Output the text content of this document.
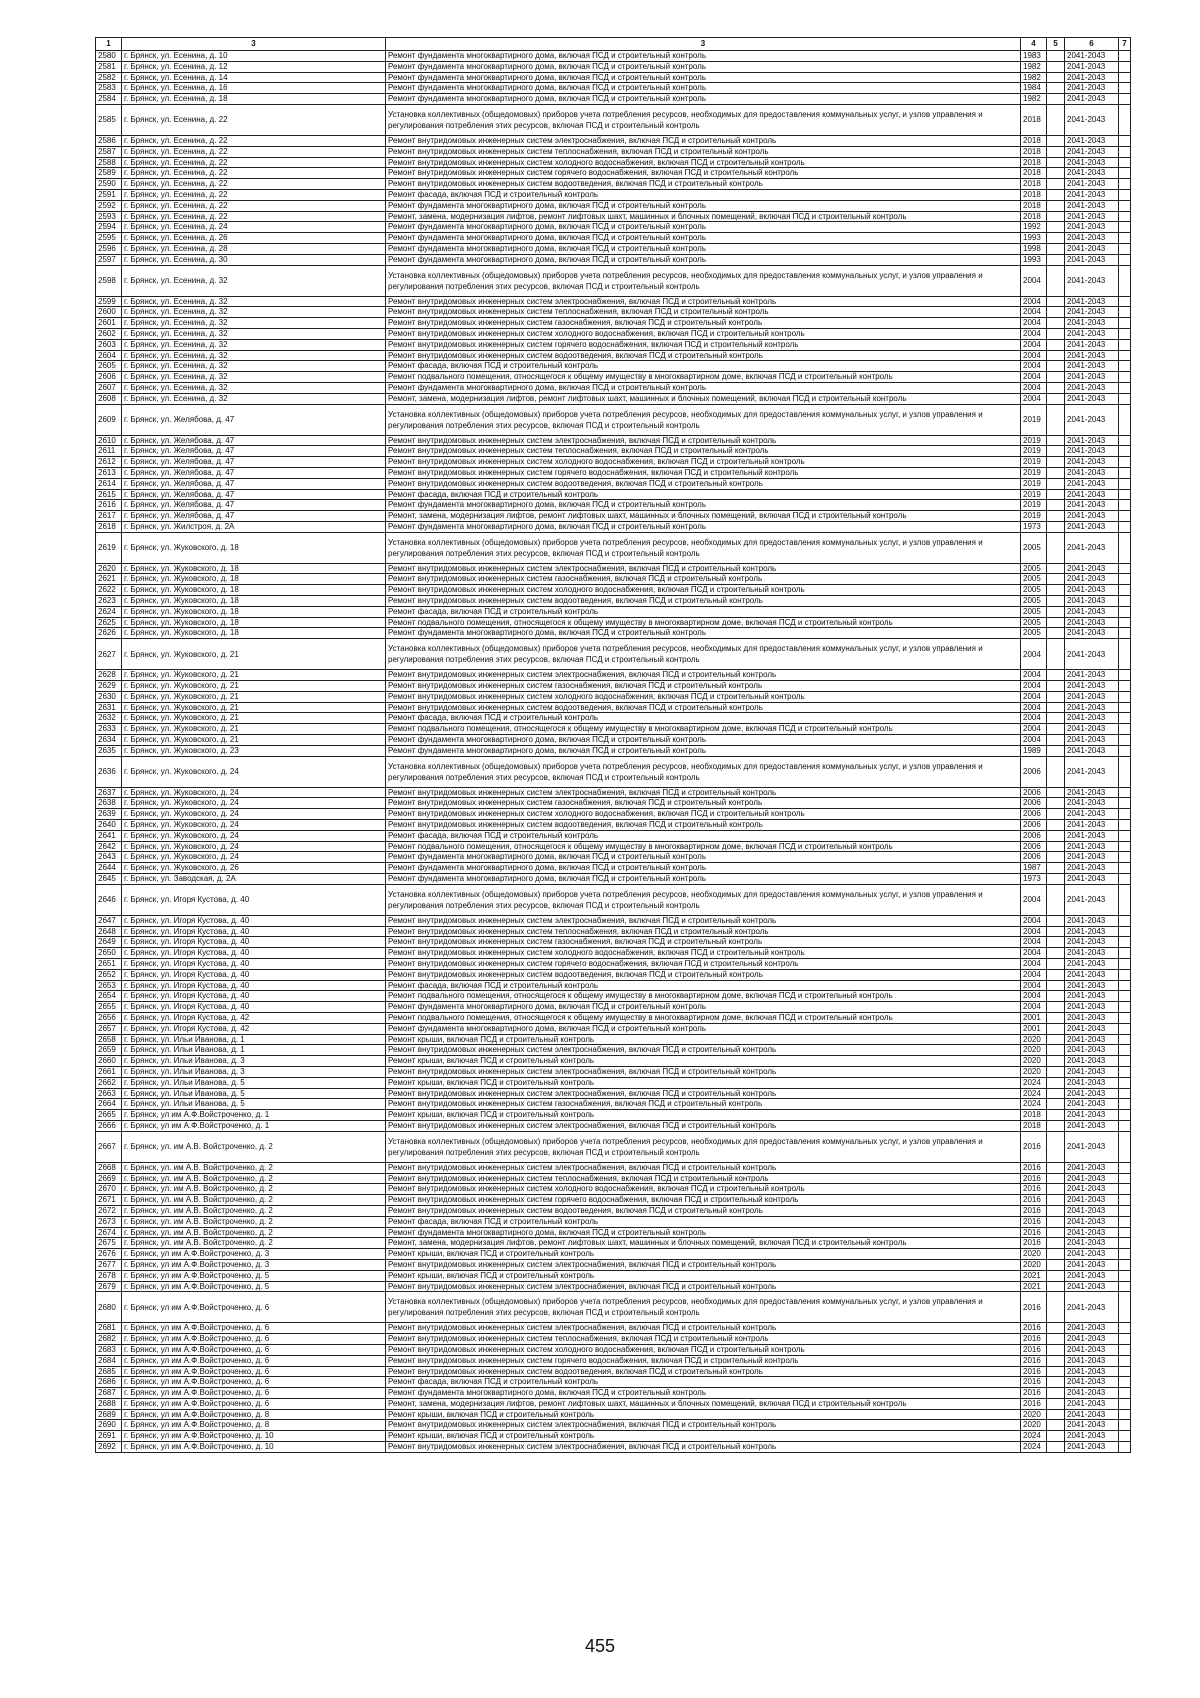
1	3	3	4	5	6	7
2580	г. Брянск, ул. Есенина, д. 10	Ремонт фундамента многоквартирного дома, включая ПСД и строительный контроль	1983		2041-2043	
2581	г. Брянск, ул. Есенина, д. 12	Ремонт фундамента многоквартирного дома, включая ПСД и строительный контроль	1982		2041-2043	
2582	г. Брянск, ул. Есенина, д. 14	Ремонт фундамента многоквартирного дома, включая ПСД и строительный контроль	1982		2041-2043	
2583	г. Брянск, ул. Есенина, д. 16	Ремонт фундамента многоквартирного дома, включая ПСД и строительный контроль	1984		2041-2043	
2584	г. Брянск, ул. Есенина, д. 18	Ремонт фундамента многоквартирного дома, включая ПСД и строительный контроль	1982		2041-2043	
2585	г. Брянск, ул. Есенина, д. 22	Установка коллективных (общедомовых) приборов учета потребления ресурсов, необходимых для предоставления коммунальных услуг, и узлов управления и регулирования потребления этих ресурсов, включая ПСД и строительный контроль	2018		2041-2043	
2586	г. Брянск, ул. Есенина, д. 22	Ремонт внутридомовых инженерных систем электроснабжения, включая ПСД и строительный контроль	2018		2041-2043	
2587	г. Брянск, ул. Есенина, д. 22	Ремонт внутридомовых инженерных систем теплоснабжения, включая ПСД и строительный контроль	2018		2041-2043	
2588	г. Брянск, ул. Есенина, д. 22	Ремонт внутридомовых инженерных систем холодного водоснабжения, включая ПСД и строительный контроль	2018		2041-2043	
2589	г. Брянск, ул. Есенина, д. 22	Ремонт внутридомовых инженерных систем горячего водоснабжения, включая ПСД и строительный контроль	2018		2041-2043	
2590	г. Брянск, ул. Есенина, д. 22	Ремонт внутридомовых инженерных систем водоотведения, включая ПСД и строительный контроль	2018		2041-2043	
2591	г. Брянск, ул. Есенина, д. 22	Ремонт фасада, включая ПСД и строительный контроль	2018		2041-2043	
2592	г. Брянск, ул. Есенина, д. 22	Ремонт фундамента многоквартирного дома, включая ПСД и строительный контроль	2018		2041-2043	
2593	г. Брянск, ул. Есенина, д. 22	Ремонт, замена, модернизация лифтов, ремонт лифтовых шахт, машинных и блочных помещений, включая ПСД и строительный контроль	2018		2041-2043	
2594	г. Брянск, ул. Есенина, д. 24	Ремонт фундамента многоквартирного дома, включая ПСД и строительный контроль	1992		2041-2043	
2595	г. Брянск, ул. Есенина, д. 26	Ремонт фундамента многоквартирного дома, включая ПСД и строительный контроль	1993		2041-2043	
2596	г. Брянск, ул. Есенина, д. 28	Ремонт фундамента многоквартирного дома, включая ПСД и строительный контроль	1998		2041-2043	
2597	г. Брянск, ул. Есенина, д. 30	Ремонт фундамента многоквартирного дома, включая ПСД и строительный контроль	1993		2041-2043	
2598	г. Брянск, ул. Есенина, д. 32	Установка коллективных (общедомовых) приборов учета потребления ресурсов, необходимых для предоставления коммунальных услуг, и узлов управления и регулирования потребления этих ресурсов, включая ПСД и строительный контроль	2004		2041-2043	
2599	г. Брянск, ул. Есенина, д. 32	Ремонт внутридомовых инженерных систем электроснабжения, включая ПСД и строительный контроль	2004		2041-2043	
2600	г. Брянск, ул. Есенина, д. 32	Ремонт внутридомовых инженерных систем теплоснабжения, включая ПСД и строительный контроль	2004		2041-2043	
2601	г. Брянск, ул. Есенина, д. 32	Ремонт внутридомовых инженерных систем газоснабжения, включая ПСД и строительный контроль	2004		2041-2043	
2602	г. Брянск, ул. Есенина, д. 32	Ремонт внутридомовых инженерных систем холодного водоснабжения, включая ПСД и строительный контроль	2004		2041-2043	
2603	г. Брянск, ул. Есенина, д. 32	Ремонт внутридомовых инженерных систем горячего водоснабжения, включая ПСД и строительный контроль	2004		2041-2043	
2604	г. Брянск, ул. Есенина, д. 32	Ремонт внутридомовых инженерных систем водоотведения, включая ПСД и строительный контроль	2004		2041-2043	
2605	г. Брянск, ул. Есенина, д. 32	Ремонт фасада, включая ПСД и строительный контроль	2004		2041-2043	
2606	г. Брянск, ул. Есенина, д. 32	Ремонт подвального помещения, относящегося к общему имуществу в многоквартирном доме, включая ПСД и строительный контроль	2004		2041-2043	
2607	г. Брянск, ул. Есенина, д. 32	Ремонт фундамента многоквартирного дома, включая ПСД и строительный контроль	2004		2041-2043	
2608	г. Брянск, ул. Есенина, д. 32	Ремонт, замена, модернизация лифтов, ремонт лифтовых шахт, машинных и блочных помещений, включая ПСД и строительный контроль	2004		2041-2043	
2609	г. Брянск, ул. Желябова, д. 47	Установка коллективных (общедомовых) приборов учета потребления ресурсов, необходимых для предоставления коммунальных услуг, и узлов управления и регулирования потребления этих ресурсов, включая ПСД и строительный контроль	2019		2041-2043	
2610	г. Брянск, ул. Желябова, д. 47	Ремонт внутридомовых инженерных систем электроснабжения, включая ПСД и строительный контроль	2019		2041-2043	
2611	г. Брянск, ул. Желябова, д. 47	Ремонт внутридомовых инженерных систем теплоснабжения, включая ПСД и строительный контроль	2019		2041-2043	
2612	г. Брянск, ул. Желябова, д. 47	Ремонт внутридомовых инженерных систем холодного водоснабжения, включая ПСД и строительный контроль	2019		2041-2043	
2613	г. Брянск, ул. Желябова, д. 47	Ремонт внутридомовых инженерных систем горячего водоснабжения, включая ПСД и строительный контроль	2019		2041-2043	
2614	г. Брянск, ул. Желябова, д. 47	Ремонт внутридомовых инженерных систем водоотведения, включая ПСД и строительный контроль	2019		2041-2043	
2615	г. Брянск, ул. Желябова, д. 47	Ремонт фасада, включая ПСД и строительный контроль	2019		2041-2043	
2616	г. Брянск, ул. Желябова, д. 47	Ремонт фундамента многоквартирного дома, включая ПСД и строительный контроль	2019		2041-2043	
2617	г. Брянск, ул. Желябова, д. 47	Ремонт, замена, модернизация лифтов, ремонт лифтовых шахт, машинных и блочных помещений, включая ПСД и строительный контроль	2019		2041-2043	
2618	г. Брянск, ул. Жилстроя, д. 2А	Ремонт фундамента многоквартирного дома, включая ПСД и строительный контроль	1973		2041-2043	
2619	г. Брянск, ул. Жуковского, д. 18	Установка коллективных (общедомовых) приборов учета потребления ресурсов, необходимых для предоставления коммунальных услуг, и узлов управления и регулирования потребления этих ресурсов, включая ПСД и строительный контроль	2005		2041-2043	
2620	г. Брянск, ул. Жуковского, д. 18	Ремонт внутридомовых инженерных систем электроснабжения, включая ПСД и строительный контроль	2005		2041-2043	
2621	г. Брянск, ул. Жуковского, д. 18	Ремонт внутридомовых инженерных систем газоснабжения, включая ПСД и строительный контроль	2005		2041-2043	
2622	г. Брянск, ул. Жуковского, д. 18	Ремонт внутридомовых инженерных систем холодного водоснабжения, включая ПСД и строительный контроль	2005		2041-2043	
2623	г. Брянск, ул. Жуковского, д. 18	Ремонт внутридомовых инженерных систем водоотведения, включая ПСД и строительный контроль	2005		2041-2043	
2624	г. Брянск, ул. Жуковского, д. 18	Ремонт фасада, включая ПСД и строительный контроль	2005		2041-2043	
2625	г. Брянск, ул. Жуковского, д. 18	Ремонт подвального помещения, относящегося к общему имуществу в многоквартирном доме, включая ПСД и строительный контроль	2005		2041-2043	
2626	г. Брянск, ул. Жуковского, д. 18	Ремонт фундамента многоквартирного дома, включая ПСД и строительный контроль	2005		2041-2043	
2627	г. Брянск, ул. Жуковского, д. 21	Установка коллективных (общедомовых) приборов учета потребления ресурсов, необходимых для предоставления коммунальных услуг, и узлов управления и регулирования потребления этих ресурсов, включая ПСД и строительный контроль	2004		2041-2043	
2628	г. Брянск, ул. Жуковского, д. 21	Ремонт внутридомовых инженерных систем электроснабжения, включая ПСД и строительный контроль	2004		2041-2043	
2629	г. Брянск, ул. Жуковского, д. 21	Ремонт внутридомовых инженерных систем газоснабжения, включая ПСД и строительный контроль	2004		2041-2043	
2630	г. Брянск, ул. Жуковского, д. 21	Ремонт внутридомовых инженерных систем холодного водоснабжения, включая ПСД и строительный контроль	2004		2041-2043	
2631	г. Брянск, ул. Жуковского, д. 21	Ремонт внутридомовых инженерных систем водоотведения, включая ПСД и строительный контроль	2004		2041-2043	
2632	г. Брянск, ул. Жуковского, д. 21	Ремонт фасада, включая ПСД и строительный контроль	2004		2041-2043	
2633	г. Брянск, ул. Жуковского, д. 21	Ремонт подвального помещения, относящегося к общему имуществу в многоквартирном доме, включая ПСД и строительный контроль	2004		2041-2043	
2634	г. Брянск, ул. Жуковского, д. 21	Ремонт фундамента многоквартирного дома, включая ПСД и строительный контроль	2004		2041-2043	
2635	г. Брянск, ул. Жуковского, д. 23	Ремонт фундамента многоквартирного дома, включая ПСД и строительный контроль	1989		2041-2043	
2636	г. Брянск, ул. Жуковского, д. 24	Установка коллективных (общедомовых) приборов учета потребления ресурсов, необходимых для предоставления коммунальных услуг, и узлов управления и регулирования потребления этих ресурсов, включая ПСД и строительный контроль	2006		2041-2043	
2637	г. Брянск, ул. Жуковского, д. 24	Ремонт внутридомовых инженерных систем электроснабжения, включая ПСД и строительный контроль	2006		2041-2043	
2638	г. Брянск, ул. Жуковского, д. 24	Ремонт внутридомовых инженерных систем газоснабжения, включая ПСД и строительный контроль	2006		2041-2043	
2639	г. Брянск, ул. Жуковского, д. 24	Ремонт внутридомовых инженерных систем холодного водоснабжения, включая ПСД и строительный контроль	2006		2041-2043	
2640	г. Брянск, ул. Жуковского, д. 24	Ремонт внутридомовых инженерных систем водоотведения, включая ПСД и строительный контроль	2006		2041-2043	
2641	г. Брянск, ул. Жуковского, д. 24	Ремонт фасада, включая ПСД и строительный контроль	2006		2041-2043	
2642	г. Брянск, ул. Жуковского, д. 24	Ремонт подвального помещения, относящегося к общему имуществу в многоквартирном доме, включая ПСД и строительный контроль	2006		2041-2043	
2643	г. Брянск, ул. Жуковского, д. 24	Ремонт фундамента многоквартирного дома, включая ПСД и строительный контроль	2006		2041-2043	
2644	г. Брянск, ул. Жуковского, д. 26	Ремонт фундамента многоквартирного дома, включая ПСД и строительный контроль	1987		2041-2043	
2645	г. Брянск, ул. Заводская, д. 2А	Ремонт фундамента многоквартирного дома, включая ПСД и строительный контроль	1973		2041-2043	
2646	г. Брянск, ул. Игоря Кустова, д. 40	Установка коллективных (общедомовых) приборов учета потребления ресурсов, необходимых для предоставления коммунальных услуг, и узлов управления и регулирования потребления этих ресурсов, включая ПСД и строительный контроль	2004		2041-2043	
2647	г. Брянск, ул. Игоря Кустова, д. 40	Ремонт внутридомовых инженерных систем электроснабжения, включая ПСД и строительный контроль	2004		2041-2043	
2648	г. Брянск, ул. Игоря Кустова, д. 40	Ремонт внутридомовых инженерных систем теплоснабжения, включая ПСД и строительный контроль	2004		2041-2043	
2649	г. Брянск, ул. Игоря Кустова, д. 40	Ремонт внутридомовых инженерных систем газоснабжения, включая ПСД и строительный контроль	2004		2041-2043	
2650	г. Брянск, ул. Игоря Кустова, д. 40	Ремонт внутридомовых инженерных систем холодного водоснабжения, включая ПСД и строительный контроль	2004		2041-2043	
2651	г. Брянск, ул. Игоря Кустова, д. 40	Ремонт внутридомовых инженерных систем горячего водоснабжения, включая ПСД и строительный контроль	2004		2041-2043	
2652	г. Брянск, ул. Игоря Кустова, д. 40	Ремонт внутридомовых инженерных систем водоотведения, включая ПСД и строительный контроль	2004		2041-2043	
2653	г. Брянск, ул. Игоря Кустова, д. 40	Ремонт фасада, включая ПСД и строительный контроль	2004		2041-2043	
2654	г. Брянск, ул. Игоря Кустова, д. 40	Ремонт подвального помещения, относящегося к общему имуществу в многоквартирном доме, включая ПСД и строительный контроль	2004		2041-2043	
2655	г. Брянск, ул. Игоря Кустова, д. 40	Ремонт фундамента многоквартирного дома, включая ПСД и строительный контроль	2004		2041-2043	
2656	г. Брянск, ул. Игоря Кустова, д. 42	Ремонт подвального помещения, относящегося к общему имуществу в многоквартирном доме, включая ПСД и строительный контроль	2001		2041-2043	
2657	г. Брянск, ул. Игоря Кустова, д. 42	Ремонт фундамента многоквартирного дома, включая ПСД и строительный контроль	2001		2041-2043	
2658	г. Брянск, ул. Ильи Иванова, д. 1	Ремонт крыши, включая ПСД и строительный контроль	2020		2041-2043	
2659	г. Брянск, ул. Ильи Иванова, д. 1	Ремонт внутридомовых инженерных систем электроснабжения, включая ПСД и строительный контроль	2020		2041-2043	
2660	г. Брянск, ул. Ильи Иванова, д. 3	Ремонт крыши, включая ПСД и строительный контроль	2020		2041-2043	
2661	г. Брянск, ул. Ильи Иванова, д. 3	Ремонт внутридомовых инженерных систем электроснабжения, включая ПСД и строительный контроль	2020		2041-2043	
2662	г. Брянск, ул. Ильи Иванова, д. 5	Ремонт крыши, включая ПСД и строительный контроль	2024		2041-2043	
2663	г. Брянск, ул. Ильи Иванова, д. 5	Ремонт внутридомовых инженерных систем электроснабжения, включая ПСД и строительный контроль	2024		2041-2043	
2664	г. Брянск, ул. Ильи Иванова, д. 5	Ремонт внутридомовых инженерных систем газоснабжения, включая ПСД и строительный контроль	2024		2041-2043	
2665	г. Брянск, ул им А.Ф.Войстроченко, д. 1	Ремонт крыши, включая ПСД и строительный контроль	2018		2041-2043	
2666	г. Брянск, ул им А.Ф.Войстроченко, д. 1	Ремонт внутридомовых инженерных систем электроснабжения, включая ПСД и строительный контроль	2018		2041-2043	
2667	г. Брянск, ул. им А.В. Войстроченко, д. 2	Установка коллективных (общедомовых) приборов учета потребления ресурсов, необходимых для предоставления коммунальных услуг, и узлов управления и регулирования потребления этих ресурсов, включая ПСД и строительный контроль	2016		2041-2043	
2668	г. Брянск, ул. им А.В. Войстроченко, д. 2	Ремонт внутридомовых инженерных систем электроснабжения, включая ПСД и строительный контроль	2016		2041-2043	
2669	г. Брянск, ул. им А.В. Войстроченко, д. 2	Ремонт внутридомовых инженерных систем теплоснабжения, включая ПСД и строительный контроль	2016		2041-2043	
2670	г. Брянск, ул. им А.В. Войстроченко, д. 2	Ремонт внутридомовых инженерных систем холодного водоснабжения, включая ПСД и строительный контроль	2016		2041-2043	
2671	г. Брянск, ул. им А.В. Войстроченко, д. 2	Ремонт внутридомовых инженерных систем горячего водоснабжения, включая ПСД и строительный контроль	2016		2041-2043	
2672	г. Брянск, ул. им А.В. Войстроченко, д. 2	Ремонт внутридомовых инженерных систем водоотведения, включая ПСД и строительный контроль	2016		2041-2043	
2673	г. Брянск, ул. им А.В. Войстроченко, д. 2	Ремонт фасада, включая ПСД и строительный контроль	2016		2041-2043	
2674	г. Брянск, ул. им А.В. Войстроченко, д. 2	Ремонт фундамента многоквартирного дома, включая ПСД и строительный контроль	2016		2041-2043	
2675	г. Брянск, ул. им А.В. Войстроченко, д. 2	Ремонт, замена, модернизация лифтов, ремонт лифтовых шахт, машинных и блочных помещений, включая ПСД и строительный контроль	2016		2041-2043	
2676	г. Брянск, ул им А.Ф.Войстроченко, д. 3	Ремонт крыши, включая ПСД и строительный контроль	2020		2041-2043	
2677	г. Брянск, ул им А.Ф.Войстроченко, д. 3	Ремонт внутридомовых инженерных систем электроснабжения, включая ПСД и строительный контроль	2020		2041-2043	
2678	г. Брянск, ул им А.Ф.Войстроченко, д. 5	Ремонт крыши, включая ПСД и строительный контроль	2021		2041-2043	
2679	г. Брянск, ул им А.Ф.Войстроченко, д. 5	Ремонт внутридомовых инженерных систем электроснабжения, включая ПСД и строительный контроль	2021		2041-2043	
2680	г. Брянск, ул им А.Ф.Войстроченко, д. 6	Установка коллективных (общедомовых) приборов учета потребления ресурсов, необходимых для предоставления коммунальных услуг, и узлов управления и регулирования потребления этих ресурсов, включая ПСД и строительный контроль	2016		2041-2043	
2681	г. Брянск, ул им А.Ф.Войстроченко, д. 6	Ремонт внутридомовых инженерных систем электроснабжения, включая ПСД и строительный контроль	2016		2041-2043	
2682	г. Брянск, ул им А.Ф.Войстроченко, д. 6	Ремонт внутридомовых инженерных систем теплоснабжения, включая ПСД и строительный контроль	2016		2041-2043	
2683	г. Брянск, ул им А.Ф.Войстроченко, д. 6	Ремонт внутридомовых инженерных систем холодного водоснабжения, включая ПСД и строительный контроль	2016		2041-2043	
2684	г. Брянск, ул им А.Ф.Войстроченко, д. 6	Ремонт внутридомовых инженерных систем горячего водоснабжения, включая ПСД и строительный контроль	2016		2041-2043	
2685	г. Брянск, ул им А.Ф.Войстроченко, д. 6	Ремонт внутридомовых инженерных систем водоотведения, включая ПСД и строительный контроль	2016		2041-2043	
2686	г. Брянск, ул им А.Ф.Войстроченко, д. 6	Ремонт фасада, включая ПСД и строительный контроль	2016		2041-2043	
2687	г. Брянск, ул им А.Ф.Войстроченко, д. 6	Ремонт фундамента многоквартирного дома, включая ПСД и строительный контроль	2016		2041-2043	
2688	г. Брянск, ул им А.Ф.Войстроченко, д. 6	Ремонт, замена, модернизация лифтов, ремонт лифтовых шахт, машинных и блочных помещений, включая ПСД и строительный контроль	2016		2041-2043	
2689	г. Брянск, ул им А.Ф.Войстроченко, д. 8	Ремонт крыши, включая ПСД и строительный контроль	2020		2041-2043	
2690	г. Брянск, ул им А.Ф.Войстроченко, д. 8	Ремонт внутридомовых инженерных систем электроснабжения, включая ПСД и строительный контроль	2020		2041-2043	
2691	г. Брянск, ул им А.Ф.Войстроченко, д. 10	Ремонт крыши, включая ПСД и строительный контроль	2024		2041-2043	
2692	г. Брянск, ул им А.Ф.Войстроченко, д. 10	Ремонт внутридомовых инженерных систем электроснабжения, включая ПСД и строительный контроль	2024		2041-2043	
455
